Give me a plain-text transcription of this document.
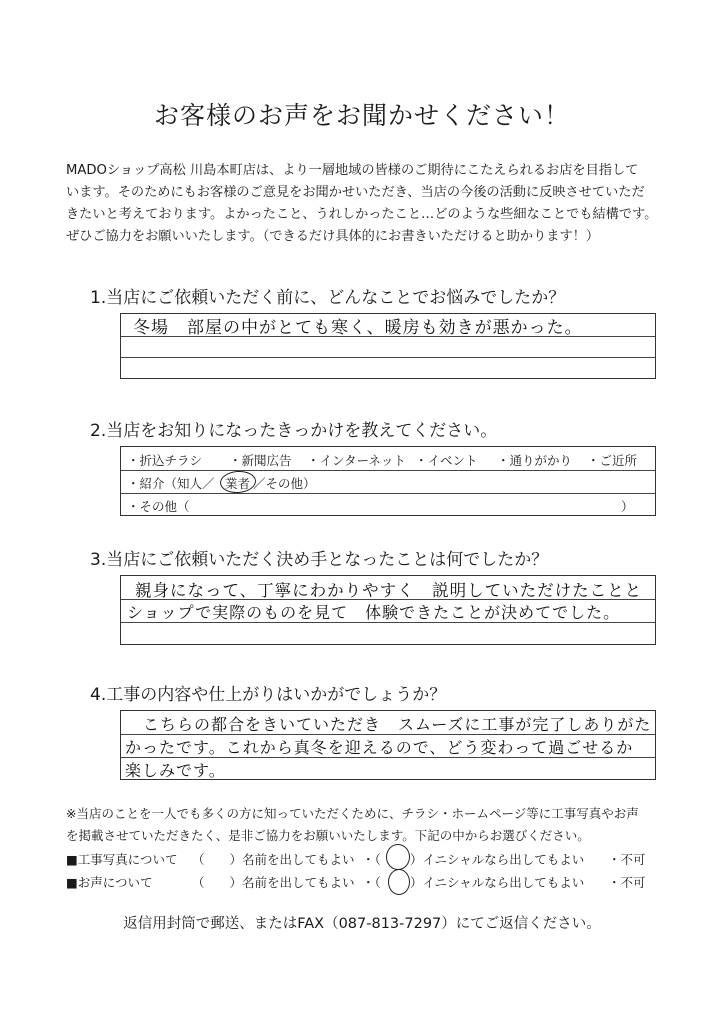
お客様のお声をお聞かせください！
MADOショップ高松 川島本町店は、より一層地域の皆様のご期待にこたえられるお店を目指して
います。そのためにもお客様のご意見をお聞かせいただき、当店の今後の活動に反映させていただ
きたいと考えております。よかったこと、うれしかったこと…どのような些細なことでも結構です。
ぜひご協力をお願いいたします。（できるだけ具体的にお書きいただけると助かります！）
1.当店にご依頼いただく前に、どんなことでお悩みでしたか？
冬場　部屋の中がとても寒く、暖房も効きが悪かった。
2.当店をお知りになったきっかけを教えてください。
・折込チラシ ・新聞広告 ・インターネット ・イベント ・通りがかり ・ご近所
・紹介（知人／ 業者 ／その他）
・その他（	）
3.当店にご依頼いただく決め手となったことは何でしたか？
親身になって、丁寧にわかりやすく　説明していただけたことと
ショップで実際のものを見て　体験できたことが決めてでした。
4.工事の内容や仕上がりはいかがでしょうか？
こちらの都合をきいていただき　スムーズに工事が完了しありがた
かったです。これから真冬を迎えるので、どう変わって過ごせるか
楽しみです。
※当店のことを一人でも多くの方に知っていただくために、チラシ・ホームページ等に工事写真やお声
を掲載させていただきたく、是非ご協力をお願いいたします。下記の中からお選びください。
■工事写真について （　　）名前を出してもよい ・（ ）イニシャルなら出してもよい ・不可
■お声について	（　　）名前を出してもよい ・（ ）イニシャルなら出してもよい ・不可
返信用封筒で郵送、またはFAX（087-813-7297）にてご返信ください。
